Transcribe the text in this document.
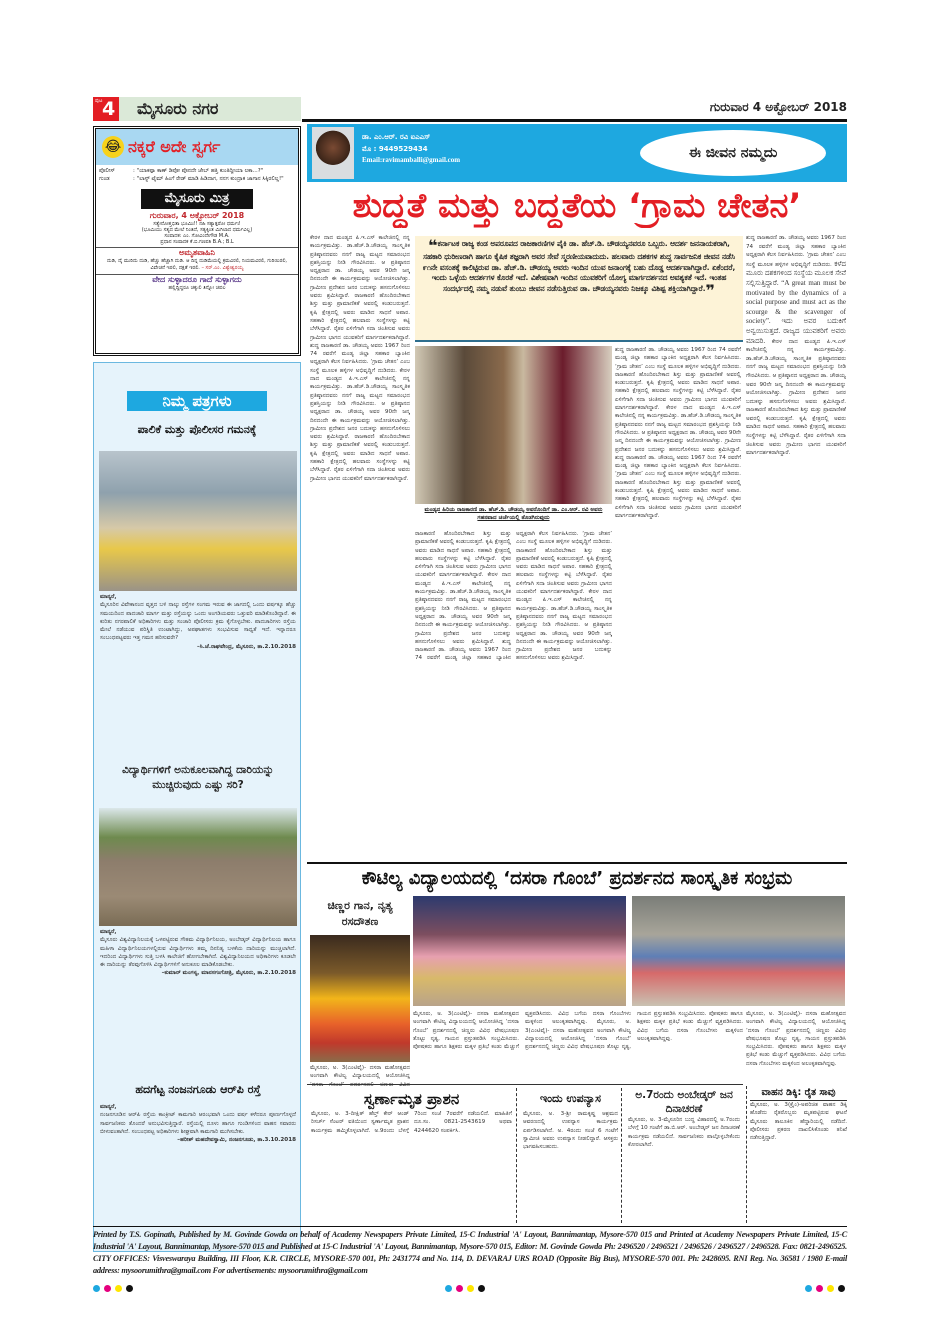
ಪುಟ 4	ಮೈಸೂರು ನಗರ	ಗುರುವಾರ 4 ಅಕ್ಟೋಬರ್ 2018
😂 ನಕ್ಕರೆ ಅದೇ ಸ್ವರ್ಗ
ಪೊಲೀಸ್	: "ಯಾಕಪ್ಪಾ ಕಾಣ್ ಡಿಪೋ ಪೊನದೇ ಜೇಬ್ ಹತ್ತಿ ಕುಂತಿದ್ದೀಯಾ ಲಕಾ...?"
ಗುಂಡ	: "ಲಾಸ್ಟ್ ಟೈಮ್ ಹಿಂಗೆ ರೇಡ್ ಮಾಡಿ ಹಿಡಿದಾಗ, ನನಗ ಕುಂದ್ರಾಕ ಜಾಗಾನ ಸಿಕ್ಕಿರಲಿಲ್ಲ!"
ಮೈಸೂರು ಮಿತ್ರ
ಗುರುವಾರ, 4 ಅಕ್ಟೋಬರ್ 2018
ಸತ್ಯೇನೋತ್ತಭಿತಾ ಭೂಮಿಃ!! ನಹಿ ಸತ್ಯಾತ್ಪರೋ ಧರ್ಮಃ!
(ಭೂಮಿಯು ಸತ್ಯದ ಮೇಲೆ ನಿಂತಿದೆ, ಸತ್ಯಕ್ಕಿಂತ ಮಿಗಿಲಾದ ಧರ್ಮವಿಲ್ಲ)
ಸಂಪಾದಕ: ಎಂ. ಗೋವಿಂದೇಗೌಡ M.A.
ಪ್ರಧಾನ ಸಂಪಾದಕ ಕೆ.ಬಿ.ಗಣಪತಿ B.A.; B.L
ಅಮೃತವಾಹಿನಿ
ದುಡಿ, ದೈ ಮುರಿದು ದುಡಿ, ಹೆಚ್ಚು ಹೆಚ್ಚಾಗಿ ದುಡಿ. ಆ ದಿನ್ನ ದುಡಿಮೆಯಲ್ಲಿ ಕ್ರಮವಿರಲಿ, ನಿಯಮವಿರಲಿ, ಗುರಿಯಿರಲಿ, ವಿವೇಚನೆ ಇರಲಿ, ದಕ್ಷತೆ ಇರಲಿ. – ಸರ್.ಎಂ. ವಿಶ್ವೇಶ್ವರಯ್ಯ
ವೇದ ಸುಳ್ಳಾದರೂ ಗಾದೆ ಸುಳ್ಳಾಗದು
ಹಲ್ಲಿದ್ದಿದ್ದರೂ ಚಕ್ಕುಲಿ ತಿನ್ನೋ ಚಪಲ
ನಿಮ್ಮ ಪತ್ರಗಳು
ಪಾಲಿಕೆ ಮತ್ತು ಪೊಲೀಸರ ಗಮನಕ್ಕೆ
ಮಾನ್ಯರೆ,
ಮೈಸೂರಿನ ವಿವೇಕಾನಂದ ವೃತ್ತದ ಬಳಿ ನಾಲ್ಕು ರಸ್ತೆಗಳ ಸಂಗಮ ಇರುವ ಈ ಜಾಗದಲ್ಲಿ ಒಂದು ವರ್ಷಕ್ಕೂ ಹೆಚ್ಚು ಸಮಯದಿಂದ ಪಾದಚಾರಿ ಮಾರ್ಗ ಮತ್ತು ರಸ್ತೆಯನ್ನು ಒಂದು ಅಂಗಡಿಯವರು ಒತ್ತುವರಿ ಮಾಡಿಕೊಂಡಿದ್ದಾರೆ. ಈ ಕುರಿತು ನಗರಪಾಲಿಕೆ ಅಧಿಕಾರಿಗಳು ಮತ್ತು ಸಂಚಾರಿ ಪೊಲೀಸರು ಕ್ರಮ ಕೈಗೊಳ್ಳಬೇಕು. ಪಾದಚಾರಿಗಳು ರಸ್ತೆಯ ಮೇಲೆ ನಡೆಯುವ ಪರಿಸ್ಥಿತಿ ಉಂಟಾಗಿದ್ದು, ಅಪಘಾತಗಳು ಸಂಭವಿಸುವ ಸಾಧ್ಯತೆ ಇದೆ. ಇನ್ನಾದರೂ ಸಂಬಂಧಪಟ್ಟವರು ಇತ್ತ ಗಮನ ಹರಿಸುವರೇ?

–ಸಿ.ಜೆ.ರಾಘವೇಂದ್ರ, ಮೈಸೂರು, ತಾ.2.10.2018
ವಿದ್ಯಾರ್ಥಿಗಳಿಗೆ ಅನುಕೂಲವಾಗಿದ್ದ ದಾರಿಯನ್ನು ಮುಚ್ಚಿರುವುದು ಎಷ್ಟು ಸರಿ?
ಮಾನ್ಯರೆ,
ಮೈಸೂರು ವಿಶ್ವವಿದ್ಯಾನಿಲಯಕ್ಕೆ ಒಳಪಟ್ಟಿರುವ ಗೌತಮ ವಿದ್ಯಾರ್ಥಿನಿಲಯ, ಅಂಬೇಡ್ಕರ್ ವಿದ್ಯಾರ್ಥಿನಿಲಯ ಹಾಗೂ ಮಹಿಳಾ ವಿದ್ಯಾರ್ಥಿನಿಲಯಗಳಲ್ಲಿರುವ ವಿದ್ಯಾರ್ಥಿಗಳು ತಮ್ಮ ದಿನನಿತ್ಯ ಬಳಕೆಯ ದಾರಿಯನ್ನು ಮುಚ್ಚಲಾಗಿದೆ. ಇದರಿಂದ ವಿದ್ಯಾರ್ಥಿಗಳು ಸುತ್ತಿ ಬಳಸಿ ಕಾಲೇಜಿಗೆ ಹೋಗಬೇಕಾಗಿದೆ. ವಿಶ್ವವಿದ್ಯಾನಿಲಯದ ಅಧಿಕಾರಿಗಳು ಕೂಡಲೇ ಈ ದಾರಿಯನ್ನು ತೆರವುಗೊಳಿಸಿ ವಿದ್ಯಾರ್ಥಿಗಳಿಗೆ ಅನುಕೂಲ ಮಾಡಿಕೊಡಬೇಕು.

–ಕುಮಾರ್ ಮಂಗಳ್ಯ, ಮಾನಸಗಂಗೋತ್ರಿ, ಮೈಸೂರು, ತಾ.2.10.2018
ಹದಗೆಟ್ಟ ನಂಜನಗೂಡು ಆರ್‌ಪಿ ರಸ್ತೆ
ಮಾನ್ಯರೆ,
ನಂಜನಗೂಡಿನ ಆರ್‌ಪಿ ರಸ್ತೆಯ ಕಾಂಕ್ರೀಟ್ ಕಾಮಗಾರಿ ಆರಂಭವಾಗಿ ಒಂದು ವರ್ಷ ಕಳೆದರೂ ಪೂರ್ಣಗೊಳ್ಳದೆ ಸಾರ್ವಜನಿಕರು ತೊಂದರೆ ಅನುಭವಿಸುತ್ತಿದ್ದಾರೆ. ರಸ್ತೆಯಲ್ಲಿ ದೂಳು ಹಾಗೂ ಗುಂಡಿಗಳಿಂದ ವಾಹನ ಸವಾರರು ಬೀಳುವಂತಾಗಿದೆ. ಸಂಬಂಧಪಟ್ಟ ಅಧಿಕಾರಿಗಳು ಶೀಘ್ರವಾಗಿ ಕಾಮಗಾರಿ ಮುಗಿಸಬೇಕು.

–ಹರೀಶ್ ಮಹದೇವಸ್ವಾಮಿ, ನಂಜನಗೂಡು, ತಾ.3.10.2018
ಡಾ. ಎಂ.ಆರ್. ರವಿ ಐಎಎಸ್
ಮೊ : 9449529434
Email:ravimamballi@gmail.com	ಈ ಜೀವನ ನಮ್ಮದು
ಶುದ್ಧತೆ ಮತ್ತು ಬದ್ಧತೆಯ ‘ಗ್ರಾಮ ಚೇತನ’
ಕೇರಳ ದಾದ ಮಂಡ್ಯದ ಪಿ.ಇ.ಎಸ್ ಕಾಲೇಜಿನಲ್ಲಿ ನನ್ನ ಕಾರ್ಯಕ್ರಮವಿತ್ತು. ಡಾ.ಹೆಚ್.ಡಿ.ಚೌಡಯ್ಯ ಸಾಂಸ್ಕೃತಿಕ ಪ್ರತಿಷ್ಠಾನದವರು ನನಗೆ ರಾಜ್ಯ ಮಟ್ಟದ ಸಮಾರಂಭದ ಪ್ರಶಸ್ತಿಯನ್ನು ನೀಡಿ ಗೌರವಿಸಿದರು. ಆ ಪ್ರತಿಷ್ಠಾನದ ಅಧ್ಯಕ್ಷರಾದ ಡಾ. ಚೌಡಯ್ಯ ಅವರ 90ನೇ ಜನ್ಮ ದಿನದಂದೇ ಈ ಕಾರ್ಯಕ್ರಮವನ್ನು ಆಯೋಜಿಸಲಾಗಿತ್ತು. ಗ್ರಾಮೀಣ ಪ್ರದೇಶದ ಜನರ ಬದುಕನ್ನು ಹಸನುಗೊಳಿಸಲು ಅವರು ಶ್ರಮಿಸಿದ್ದಾರೆ. ರಾಜಕಾರಣಿ ಹೊಂದಿರಬೇಕಾದ ಶಿಸ್ತು ಮತ್ತು ಪ್ರಾಮಾಣಿಕತೆ ಅವರಲ್ಲಿ ಕಂಡುಬರುತ್ತದೆ. ಕೃಷಿ ಕ್ಷೇತ್ರದಲ್ಲಿ ಅವರು ಮಾಡಿದ ಸಾಧನೆ ಅಪಾರ. ಸಹಕಾರಿ ಕ್ಷೇತ್ರದಲ್ಲಿ ಹಲವಾರು ಸಂಸ್ಥೆಗಳನ್ನು ಕಟ್ಟಿ ಬೆಳೆಸಿದ್ದಾರೆ. ರೈತರ ಏಳಿಗೆಗಾಗಿ ಸದಾ ಚಿಂತಿಸುವ ಅವರು ಗ್ರಾಮೀಣ ಭಾಗದ ಯುವಕರಿಗೆ ಮಾರ್ಗದರ್ಶಕರಾಗಿದ್ದಾರೆ. ಶುದ್ಧ ರಾಜಕಾರಣಿ ಡಾ. ಚೌಡಯ್ಯ ಅವರು 1967 ರಿಂದ 74 ರವರೆಗೆ ಮಂಡ್ಯ ಜಿಲ್ಲಾ ಸಹಕಾರ ಬ್ಯಾಂಕಿನ ಅಧ್ಯಕ್ಷರಾಗಿ ಕೆಲಸ ನಿರ್ವಹಿಸಿದರು. ‘ಗ್ರಾಮ ಚೇತನ’ ಎಂಬ ಸಂಸ್ಥೆ ಮೂಲಕ ಹಳ್ಳಿಗಳ ಅಭಿವೃದ್ಧಿಗೆ ದುಡಿದರು. ಕೇರಳ ದಾದ ಮಂಡ್ಯದ ಪಿ.ಇ.ಎಸ್ ಕಾಲೇಜಿನಲ್ಲಿ ನನ್ನ ಕಾರ್ಯಕ್ರಮವಿತ್ತು. ಡಾ.ಹೆಚ್.ಡಿ.ಚೌಡಯ್ಯ ಸಾಂಸ್ಕೃತಿಕ ಪ್ರತಿಷ್ಠಾನದವರು ನನಗೆ ರಾಜ್ಯ ಮಟ್ಟದ ಸಮಾರಂಭದ ಪ್ರಶಸ್ತಿಯನ್ನು ನೀಡಿ ಗೌರವಿಸಿದರು. ಆ ಪ್ರತಿಷ್ಠಾನದ ಅಧ್ಯಕ್ಷರಾದ ಡಾ. ಚೌಡಯ್ಯ ಅವರ 90ನೇ ಜನ್ಮ ದಿನದಂದೇ ಈ ಕಾರ್ಯಕ್ರಮವನ್ನು ಆಯೋಜಿಸಲಾಗಿತ್ತು. ಗ್ರಾಮೀಣ ಪ್ರದೇಶದ ಜನರ ಬದುಕನ್ನು ಹಸನುಗೊಳಿಸಲು ಅವರು ಶ್ರಮಿಸಿದ್ದಾರೆ. ರಾಜಕಾರಣಿ ಹೊಂದಿರಬೇಕಾದ ಶಿಸ್ತು ಮತ್ತು ಪ್ರಾಮಾಣಿಕತೆ ಅವರಲ್ಲಿ ಕಂಡುಬರುತ್ತದೆ. ಕೃಷಿ ಕ್ಷೇತ್ರದಲ್ಲಿ ಅವರು ಮಾಡಿದ ಸಾಧನೆ ಅಪಾರ. ಸಹಕಾರಿ ಕ್ಷೇತ್ರದಲ್ಲಿ ಹಲವಾರು ಸಂಸ್ಥೆಗಳನ್ನು ಕಟ್ಟಿ ಬೆಳೆಸಿದ್ದಾರೆ. ರೈತರ ಏಳಿಗೆಗಾಗಿ ಸದಾ ಚಿಂತಿಸುವ ಅವರು ಗ್ರಾಮೀಣ ಭಾಗದ ಯುವಕರಿಗೆ ಮಾರ್ಗದರ್ಶಕರಾಗಿದ್ದಾರೆ.
❝ಕರ್ನಾಟಕ ರಾಜ್ಯ ಕಂಡ ಅಪರೂಪದ ರಾಜಕಾರಣಿಗಳ ಪೈಕಿ ಡಾ. ಹೆಚ್.ಡಿ. ಚೌಡಯ್ಯನವರೂ ಒಬ್ಬರು. ಆದರ್ಶ ಜನನಾಯಕರಾಗಿ, ಸಹಕಾರಿ ಧುರೀಣರಾಗಿ ಹಾಗೂ ಕೈಷಿಕ ತಜ್ಞರಾಗಿ ಅವರ ಸೇವೆ ಸ್ಮರಣೀಯವಾದುದು. ಹಲವಾರು ದಶಕಗಳ ಶುದ್ಧ ಸಾರ್ವಜನಿಕ ಜೀವನ ನಡೆಸಿ ೯೧ನೇ ವಸಂತಕ್ಕೆ ಕಾಲಿಟ್ಟಿರುವ ಡಾ. ಹೆಚ್.ಡಿ. ಚೌಡಯ್ಯ ಅವರು ಇಂದಿನ ಯುವ ಜನಾಂಗಕ್ಕೆ ಬಹು ದೊಡ್ಡ ಆದರ್ಶವಾಗಿದ್ದಾರೆ. ಏಕೆಂದರೆ, ಇಂದು ಒಳ್ಳೆಯ ಆದರ್ಶಗಳ ಕೊರತೆ ಇದೆ. ವಿಶೇಷವಾಗಿ ಇಂದಿನ ಯುವಕರಿಗೆ ಯೋಗ್ಯ ಮಾರ್ಗದರ್ಶನದ ಅವಶ್ಯಕತೆ ಇದೆ. ಇಂತಹ ಸಂದರ್ಭದಲ್ಲಿ ನಮ್ಮ ನಡುವೆ ತುಂಬು ಜೀವನ ನಡೆಸುತ್ತಿರುವ ಡಾ. ಚೌಡಯ್ಯನವರು ನಿಜಕ್ಕೂ ವಿಶಿಷ್ಟ ಶಕ್ತಿಯಾಗಿದ್ದಾರೆ.❞
ಮಂಡ್ಯದ ಹಿರಿಯ ರಾಜಕಾರಣಿ ಡಾ. ಹೆಚ್.ಡಿ. ಚೌಡಯ್ಯ ಅವರೊಂದಿಗೆ ಡಾ. ಎಂ.ಆರ್. ರವಿ ಅವರು ಗಹನವಾದ ಚರ್ಚೆಯಲ್ಲಿ ತೊಡಗಿರುವುದು
ರಾಜಕಾರಣಿ ಹೊಂದಿರಬೇಕಾದ ಶಿಸ್ತು ಮತ್ತು ಪ್ರಾಮಾಣಿಕತೆ ಅವರಲ್ಲಿ ಕಂಡುಬರುತ್ತದೆ. ಕೃಷಿ ಕ್ಷೇತ್ರದಲ್ಲಿ ಅವರು ಮಾಡಿದ ಸಾಧನೆ ಅಪಾರ. ಸಹಕಾರಿ ಕ್ಷೇತ್ರದಲ್ಲಿ ಹಲವಾರು ಸಂಸ್ಥೆಗಳನ್ನು ಕಟ್ಟಿ ಬೆಳೆಸಿದ್ದಾರೆ. ರೈತರ ಏಳಿಗೆಗಾಗಿ ಸದಾ ಚಿಂತಿಸುವ ಅವರು ಗ್ರಾಮೀಣ ಭಾಗದ ಯುವಕರಿಗೆ ಮಾರ್ಗದರ್ಶಕರಾಗಿದ್ದಾರೆ. ಕೇರಳ ದಾದ ಮಂಡ್ಯದ ಪಿ.ಇ.ಎಸ್ ಕಾಲೇಜಿನಲ್ಲಿ ನನ್ನ ಕಾರ್ಯಕ್ರಮವಿತ್ತು. ಡಾ.ಹೆಚ್.ಡಿ.ಚೌಡಯ್ಯ ಸಾಂಸ್ಕೃತಿಕ ಪ್ರತಿಷ್ಠಾನದವರು ನನಗೆ ರಾಜ್ಯ ಮಟ್ಟದ ಸಮಾರಂಭದ ಪ್ರಶಸ್ತಿಯನ್ನು ನೀಡಿ ಗೌರವಿಸಿದರು. ಆ ಪ್ರತಿಷ್ಠಾನದ ಅಧ್ಯಕ್ಷರಾದ ಡಾ. ಚೌಡಯ್ಯ ಅವರ 90ನೇ ಜನ್ಮ ದಿನದಂದೇ ಈ ಕಾರ್ಯಕ್ರಮವನ್ನು ಆಯೋಜಿಸಲಾಗಿತ್ತು. ಗ್ರಾಮೀಣ ಪ್ರದೇಶದ ಜನರ ಬದುಕನ್ನು ಹಸನುಗೊಳಿಸಲು ಅವರು ಶ್ರಮಿಸಿದ್ದಾರೆ. ಶುದ್ಧ ರಾಜಕಾರಣಿ ಡಾ. ಚೌಡಯ್ಯ ಅವರು 1967 ರಿಂದ 74 ರವರೆಗೆ ಮಂಡ್ಯ ಜಿಲ್ಲಾ ಸಹಕಾರ ಬ್ಯಾಂಕಿನ ಅಧ್ಯಕ್ಷರಾಗಿ ಕೆಲಸ ನಿರ್ವಹಿಸಿದರು. ‘ಗ್ರಾಮ ಚೇತನ’ ಎಂಬ ಸಂಸ್ಥೆ ಮೂಲಕ ಹಳ್ಳಿಗಳ ಅಭಿವೃದ್ಧಿಗೆ ದುಡಿದರು. ರಾಜಕಾರಣಿ ಹೊಂದಿರಬೇಕಾದ ಶಿಸ್ತು ಮತ್ತು ಪ್ರಾಮಾಣಿಕತೆ ಅವರಲ್ಲಿ ಕಂಡುಬರುತ್ತದೆ. ಕೃಷಿ ಕ್ಷೇತ್ರದಲ್ಲಿ ಅವರು ಮಾಡಿದ ಸಾಧನೆ ಅಪಾರ. ಸಹಕಾರಿ ಕ್ಷೇತ್ರದಲ್ಲಿ ಹಲವಾರು ಸಂಸ್ಥೆಗಳನ್ನು ಕಟ್ಟಿ ಬೆಳೆಸಿದ್ದಾರೆ. ರೈತರ ಏಳಿಗೆಗಾಗಿ ಸದಾ ಚಿಂತಿಸುವ ಅವರು ಗ್ರಾಮೀಣ ಭಾಗದ ಯುವಕರಿಗೆ ಮಾರ್ಗದರ್ಶಕರಾಗಿದ್ದಾರೆ. ಕೇರಳ ದಾದ ಮಂಡ್ಯದ ಪಿ.ಇ.ಎಸ್ ಕಾಲೇಜಿನಲ್ಲಿ ನನ್ನ ಕಾರ್ಯಕ್ರಮವಿತ್ತು. ಡಾ.ಹೆಚ್.ಡಿ.ಚೌಡಯ್ಯ ಸಾಂಸ್ಕೃತಿಕ ಪ್ರತಿಷ್ಠಾನದವರು ನನಗೆ ರಾಜ್ಯ ಮಟ್ಟದ ಸಮಾರಂಭದ ಪ್ರಶಸ್ತಿಯನ್ನು ನೀಡಿ ಗೌರವಿಸಿದರು. ಆ ಪ್ರತಿಷ್ಠಾನದ ಅಧ್ಯಕ್ಷರಾದ ಡಾ. ಚೌಡಯ್ಯ ಅವರ 90ನೇ ಜನ್ಮ ದಿನದಂದೇ ಈ ಕಾರ್ಯಕ್ರಮವನ್ನು ಆಯೋಜಿಸಲಾಗಿತ್ತು. ಗ್ರಾಮೀಣ ಪ್ರದೇಶದ ಜನರ ಬದುಕನ್ನು ಹಸನುಗೊಳಿಸಲು ಅವರು ಶ್ರಮಿಸಿದ್ದಾರೆ.
ಶುದ್ಧ ರಾಜಕಾರಣಿ ಡಾ. ಚೌಡಯ್ಯ ಅವರು 1967 ರಿಂದ 74 ರವರೆಗೆ ಮಂಡ್ಯ ಜಿಲ್ಲಾ ಸಹಕಾರ ಬ್ಯಾಂಕಿನ ಅಧ್ಯಕ್ಷರಾಗಿ ಕೆಲಸ ನಿರ್ವಹಿಸಿದರು. ‘ಗ್ರಾಮ ಚೇತನ’ ಎಂಬ ಸಂಸ್ಥೆ ಮೂಲಕ ಹಳ್ಳಿಗಳ ಅಭಿವೃದ್ಧಿಗೆ ದುಡಿದರು. ರಾಜಕಾರಣಿ ಹೊಂದಿರಬೇಕಾದ ಶಿಸ್ತು ಮತ್ತು ಪ್ರಾಮಾಣಿಕತೆ ಅವರಲ್ಲಿ ಕಂಡುಬರುತ್ತದೆ. ಕೃಷಿ ಕ್ಷೇತ್ರದಲ್ಲಿ ಅವರು ಮಾಡಿದ ಸಾಧನೆ ಅಪಾರ. ಸಹಕಾರಿ ಕ್ಷೇತ್ರದಲ್ಲಿ ಹಲವಾರು ಸಂಸ್ಥೆಗಳನ್ನು ಕಟ್ಟಿ ಬೆಳೆಸಿದ್ದಾರೆ. ರೈತರ ಏಳಿಗೆಗಾಗಿ ಸದಾ ಚಿಂತಿಸುವ ಅವರು ಗ್ರಾಮೀಣ ಭಾಗದ ಯುವಕರಿಗೆ ಮಾರ್ಗದರ್ಶಕರಾಗಿದ್ದಾರೆ. ಕೇರಳ ದಾದ ಮಂಡ್ಯದ ಪಿ.ಇ.ಎಸ್ ಕಾಲೇಜಿನಲ್ಲಿ ನನ್ನ ಕಾರ್ಯಕ್ರಮವಿತ್ತು. ಡಾ.ಹೆಚ್.ಡಿ.ಚೌಡಯ್ಯ ಸಾಂಸ್ಕೃತಿಕ ಪ್ರತಿಷ್ಠಾನದವರು ನನಗೆ ರಾಜ್ಯ ಮಟ್ಟದ ಸಮಾರಂಭದ ಪ್ರಶಸ್ತಿಯನ್ನು ನೀಡಿ ಗೌರವಿಸಿದರು. ಆ ಪ್ರತಿಷ್ಠಾನದ ಅಧ್ಯಕ್ಷರಾದ ಡಾ. ಚೌಡಯ್ಯ ಅವರ 90ನೇ ಜನ್ಮ ದಿನದಂದೇ ಈ ಕಾರ್ಯಕ್ರಮವನ್ನು ಆಯೋಜಿಸಲಾಗಿತ್ತು. ಗ್ರಾಮೀಣ ಪ್ರದೇಶದ ಜನರ ಬದುಕನ್ನು ಹಸನುಗೊಳಿಸಲು ಅವರು ಶ್ರಮಿಸಿದ್ದಾರೆ. ಶುದ್ಧ ರಾಜಕಾರಣಿ ಡಾ. ಚೌಡಯ್ಯ ಅವರು 1967 ರಿಂದ 74 ರವರೆಗೆ ಮಂಡ್ಯ ಜಿಲ್ಲಾ ಸಹಕಾರ ಬ್ಯಾಂಕಿನ ಅಧ್ಯಕ್ಷರಾಗಿ ಕೆಲಸ ನಿರ್ವಹಿಸಿದರು. ‘ಗ್ರಾಮ ಚೇತನ’ ಎಂಬ ಸಂಸ್ಥೆ ಮೂಲಕ ಹಳ್ಳಿಗಳ ಅಭಿವೃದ್ಧಿಗೆ ದುಡಿದರು. ರಾಜಕಾರಣಿ ಹೊಂದಿರಬೇಕಾದ ಶಿಸ್ತು ಮತ್ತು ಪ್ರಾಮಾಣಿಕತೆ ಅವರಲ್ಲಿ ಕಂಡುಬರುತ್ತದೆ. ಕೃಷಿ ಕ್ಷೇತ್ರದಲ್ಲಿ ಅವರು ಮಾಡಿದ ಸಾಧನೆ ಅಪಾರ. ಸಹಕಾರಿ ಕ್ಷೇತ್ರದಲ್ಲಿ ಹಲವಾರು ಸಂಸ್ಥೆಗಳನ್ನು ಕಟ್ಟಿ ಬೆಳೆಸಿದ್ದಾರೆ. ರೈತರ ಏಳಿಗೆಗಾಗಿ ಸದಾ ಚಿಂತಿಸುವ ಅವರು ಗ್ರಾಮೀಣ ಭಾಗದ ಯುವಕರಿಗೆ ಮಾರ್ಗದರ್ಶಕರಾಗಿದ್ದಾರೆ.
ಶುದ್ಧ ರಾಜಕಾರಣಿ ಡಾ. ಚೌಡಯ್ಯ ಅವರು 1967 ರಿಂದ 74 ರವರೆಗೆ ಮಂಡ್ಯ ಜಿಲ್ಲಾ ಸಹಕಾರ ಬ್ಯಾಂಕಿನ ಅಧ್ಯಕ್ಷರಾಗಿ ಕೆಲಸ ನಿರ್ವಹಿಸಿದರು. ‘ಗ್ರಾಮ ಚೇತನ’ ಎಂಬ ಸಂಸ್ಥೆ ಮೂಲಕ ಹಳ್ಳಿಗಳ ಅಭಿವೃದ್ಧಿಗೆ ದುಡಿದರು. ಕಳೆದ ಮೂರು ದಶಕಗಳಿಂದ ಸಂಸ್ಥೆಯ ಮೂಲಕ ಸೇವೆ ಸಲ್ಲಿಸುತ್ತಿದ್ದಾರೆ. “A great man must be motivated by the dynamics of a social purpose and must act as the scourge & the scavenger of society”. ಇದು ಅವರ ಬದುಕಿಗೆ ಅನ್ವಯಿಸುತ್ತದೆ. ರಾಜ್ಯದ ಯುವಕರಿಗೆ ಅವರು ಮಾದರಿ. ಕೇರಳ ದಾದ ಮಂಡ್ಯದ ಪಿ.ಇ.ಎಸ್ ಕಾಲೇಜಿನಲ್ಲಿ ನನ್ನ ಕಾರ್ಯಕ್ರಮವಿತ್ತು. ಡಾ.ಹೆಚ್.ಡಿ.ಚೌಡಯ್ಯ ಸಾಂಸ್ಕೃತಿಕ ಪ್ರತಿಷ್ಠಾನದವರು ನನಗೆ ರಾಜ್ಯ ಮಟ್ಟದ ಸಮಾರಂಭದ ಪ್ರಶಸ್ತಿಯನ್ನು ನೀಡಿ ಗೌರವಿಸಿದರು. ಆ ಪ್ರತಿಷ್ಠಾನದ ಅಧ್ಯಕ್ಷರಾದ ಡಾ. ಚೌಡಯ್ಯ ಅವರ 90ನೇ ಜನ್ಮ ದಿನದಂದೇ ಈ ಕಾರ್ಯಕ್ರಮವನ್ನು ಆಯೋಜಿಸಲಾಗಿತ್ತು. ಗ್ರಾಮೀಣ ಪ್ರದೇಶದ ಜನರ ಬದುಕನ್ನು ಹಸನುಗೊಳಿಸಲು ಅವರು ಶ್ರಮಿಸಿದ್ದಾರೆ. ರಾಜಕಾರಣಿ ಹೊಂದಿರಬೇಕಾದ ಶಿಸ್ತು ಮತ್ತು ಪ್ರಾಮಾಣಿಕತೆ ಅವರಲ್ಲಿ ಕಂಡುಬರುತ್ತದೆ. ಕೃಷಿ ಕ್ಷೇತ್ರದಲ್ಲಿ ಅವರು ಮಾಡಿದ ಸಾಧನೆ ಅಪಾರ. ಸಹಕಾರಿ ಕ್ಷೇತ್ರದಲ್ಲಿ ಹಲವಾರು ಸಂಸ್ಥೆಗಳನ್ನು ಕಟ್ಟಿ ಬೆಳೆಸಿದ್ದಾರೆ. ರೈತರ ಏಳಿಗೆಗಾಗಿ ಸದಾ ಚಿಂತಿಸುವ ಅವರು ಗ್ರಾಮೀಣ ಭಾಗದ ಯುವಕರಿಗೆ ಮಾರ್ಗದರ್ಶಕರಾಗಿದ್ದಾರೆ.
ಕೌಟಿಲ್ಯ ವಿದ್ಯಾಲಯದಲ್ಲಿ ‘ದಸರಾ ಗೊಂಬೆ’ ಪ್ರದರ್ಶನದ ಸಾಂಸ್ಕೃತಿಕ ಸಂಭ್ರಮ
ಚಿಣ್ಣರ ಗಾನ, ನೃತ್ಯ ರಸದೌತಣ
ಮೈಸೂರು, ಅ. 3(ಎಂಟಿವೈ)- ದಸರಾ ಮಹೋತ್ಸವದ ಅಂಗವಾಗಿ ಕೌಟಿಲ್ಯ ವಿದ್ಯಾಲಯದಲ್ಲಿ ಆಯೋಜಿಸಿದ್ದ
ಮೈಸೂರು, ಅ. 3(ಎಂಟಿವೈ)- ದಸರಾ ಮಹೋತ್ಸವದ ಅಂಗವಾಗಿ ಕೌಟಿಲ್ಯ ವಿದ್ಯಾಲಯದಲ್ಲಿ ಆಯೋಜಿಸಿದ್ದ ‘ದಸರಾ ಗೊಂಬೆ’ ಪ್ರದರ್ಶನದಲ್ಲಿ ಚಿಣ್ಣರು ವಿವಿಧ ವೇಷಭೂಷಣ ತೊಟ್ಟು ನೃತ್ಯ, ಗಾಯನ ಪ್ರಸ್ತುತಪಡಿಸಿ ಸಂಭ್ರಮಿಸಿದರು. ಪೋಷಕರು ಹಾಗೂ ಶಿಕ್ಷಕರು ಮಕ್ಕಳ ಪ್ರತಿಭೆ ಕಂಡು ಮೆಚ್ಚುಗೆ ವ್ಯಕ್ತಪಡಿಸಿದರು. ವಿವಿಧ ಬಗೆಯ ದಸರಾ ಗೊಂಬೆಗಳು ಮಕ್ಕಳಿಂದ ಅಲಂಕೃತವಾಗಿದ್ದವು. ಮೈಸೂರು, ಅ. 3(ಎಂಟಿವೈ)- ದಸರಾ ಮಹೋತ್ಸವದ ಅಂಗವಾಗಿ ಕೌಟಿಲ್ಯ ವಿದ್ಯಾಲಯದಲ್ಲಿ ಆಯೋಜಿಸಿದ್ದ ‘ದಸರಾ ಗೊಂಬೆ’ ಪ್ರದರ್ಶನದಲ್ಲಿ ಚಿಣ್ಣರು ವಿವಿಧ ವೇಷಭೂಷಣ ತೊಟ್ಟು ನೃತ್ಯ, ಗಾಯನ ಪ್ರಸ್ತುತಪಡಿಸಿ ಸಂಭ್ರಮಿಸಿದರು. ಪೋಷಕರು ಹಾಗೂ ಶಿಕ್ಷಕರು ಮಕ್ಕಳ ಪ್ರತಿಭೆ ಕಂಡು ಮೆಚ್ಚುಗೆ ವ್ಯಕ್ತಪಡಿಸಿದರು. ವಿವಿಧ ಬಗೆಯ ದಸರಾ ಗೊಂಬೆಗಳು ಮಕ್ಕಳಿಂದ ಅಲಂಕೃತವಾಗಿದ್ದವು.
ಮೈಸೂರು, ಅ. 3(ಎಂಟಿವೈ)- ದಸರಾ ಮಹೋತ್ಸವದ ಅಂಗವಾಗಿ ಕೌಟಿಲ್ಯ ವಿದ್ಯಾಲಯದಲ್ಲಿ ಆಯೋಜಿಸಿದ್ದ ‘ದಸರಾ ಗೊಂಬೆ’ ಪ್ರದರ್ಶನದಲ್ಲಿ ಚಿಣ್ಣರು ವಿವಿಧ ವೇಷಭೂಷಣ ತೊಟ್ಟು ನೃತ್ಯ, ಗಾಯನ ಪ್ರಸ್ತುತಪಡಿಸಿ ಸಂಭ್ರಮಿಸಿದರು. ಪೋಷಕರು ಹಾಗೂ ಶಿಕ್ಷಕರು ಮಕ್ಕಳ ಪ್ರತಿಭೆ ಕಂಡು ಮೆಚ್ಚುಗೆ ವ್ಯಕ್ತಪಡಿಸಿದರು. ವಿವಿಧ ಬಗೆಯ ದಸರಾ ಗೊಂಬೆಗಳು ಮಕ್ಕಳಿಂದ ಅಲಂಕೃತವಾಗಿದ್ದವು.
ಸ್ವರ್ಣಾಮೃತ ಪ್ರಾಶನ
ಮೈಸೂರು, ಅ. 3-ದೀಕ್ಷಿತ್ ಹೆಲ್ತ್ ಕೇರ್ ಆಂಡ್ ರಿಸರ್ಚ್ ಸೆಂಟರ್ ವತಿಯಿಂದ ಸ್ವರ್ಣಾಮೃತ ಪ್ರಾಶನ ಕಾರ್ಯಕ್ರಮ ಹಮ್ಮಿಕೊಳ್ಳಲಾಗಿದೆ. ಅ.9ರಂದು ಬೆಳಗ್ಗೆ 7ರಿಂದ ಸಂಜೆ 7ರವರೆಗೆ ನಡೆಯಲಿದೆ. ಮಾಹಿತಿಗೆ ದೂ.ಸಂ. 0821-2543619 ಅಥವಾ 4244620 ಸಂಪರ್ಕಿಸಿ.
ಇಂದು ಉಪನ್ಯಾಸ
ಮೈಸೂರು, ಅ. 3-ಶ್ರೀ ರಾಮಕೃಷ್ಣ ಆಶ್ರಮದ ಆವರಣದಲ್ಲಿ ಉಪನ್ಯಾಸ ಕಾರ್ಯಕ್ರಮ ಏರ್ಪಡಿಸಲಾಗಿದೆ. ಅ. 4ರಂದು ಸಂಜೆ 6 ಗಂಟೆಗೆ ಸ್ವಾಮೀಜಿ ಅವರು ಉಪನ್ಯಾಸ ನೀಡಲಿದ್ದಾರೆ. ಆಸಕ್ತರು ಭಾಗವಹಿಸಬಹುದು.
ಅ.7ರಂದು ಅಂಬೇಡ್ಕರ್ ಜನ ದಿನಾಚರಣೆ
ಮೈಸೂರು, ಅ. 3-ಮೈಸೂರಿನ ಬುದ್ಧ ವಿಹಾರದಲ್ಲಿ ಅ.7ರಂದು ಬೆಳಗ್ಗೆ 10 ಗಂಟೆಗೆ ಡಾ.ಬಿ.ಆರ್. ಅಂಬೇಡ್ಕರ್ ಜನ ದಿನಾಚರಣೆ ಕಾರ್ಯಕ್ರಮ ನಡೆಯಲಿದೆ. ಸಾರ್ವಜನಿಕರು ಪಾಲ್ಗೊಳ್ಳಬೇಕೆಂದು ಕೋರಲಾಗಿದೆ.
ವಾಹನ ಡಿಕ್ಕಿ: ರೈತ ಸಾವು
ಮೈಸೂರು, ಅ. 3(ಕ್ರೈಂ)-ಅಪರಿಚಿತ ವಾಹನ ಡಿಕ್ಕಿ ಹೊಡೆದು ರೈತರೊಬ್ಬರು ಮೃತಪಟ್ಟಿರುವ ಘಟನೆ ಮೈಸೂರು ತಾಲೂಕಿನ ಹೆದ್ದಾರಿಯಲ್ಲಿ ನಡೆದಿದೆ. ಪೊಲೀಸರು ಪ್ರಕರಣ ದಾಖಲಿಸಿಕೊಂಡು ತನಿಖೆ ನಡೆಸುತ್ತಿದ್ದಾರೆ.
Printed by T.S. Gopinath, Published by M. Govinde Gowda on behalf of Academy Newspapers Private Limited, 15-C Industrial 'A' Layout, Bannimantap, Mysore-570 015 and Printed at Academy Newspapers Private Limited, 15-C Industrial 'A' Layout, Bannimantap, Mysore-570 015 and Published at 15-C Industrial 'A' Layout, Bannimantap, Mysore-570 015, Editor: M. Govinde Gowda Ph: 2496520 / 2496521 / 2496526 / 2496527 / 2496528. Fax: 0821-2496525. CITY OFFICES: Visveswaraya Building, III Floor, K.R. CIRCLE, MYSORE-570 001, Ph: 2431774 and No. 114, D. DEVARAJ URS ROAD (Opposite Big Bus), MYSORE-570 001. Ph: 2428695. RNI Reg. No. 36581 / 1980 E-mail address: mysoorumithra@gmail.com For advertisements: mysoorumithra@gmail.com
